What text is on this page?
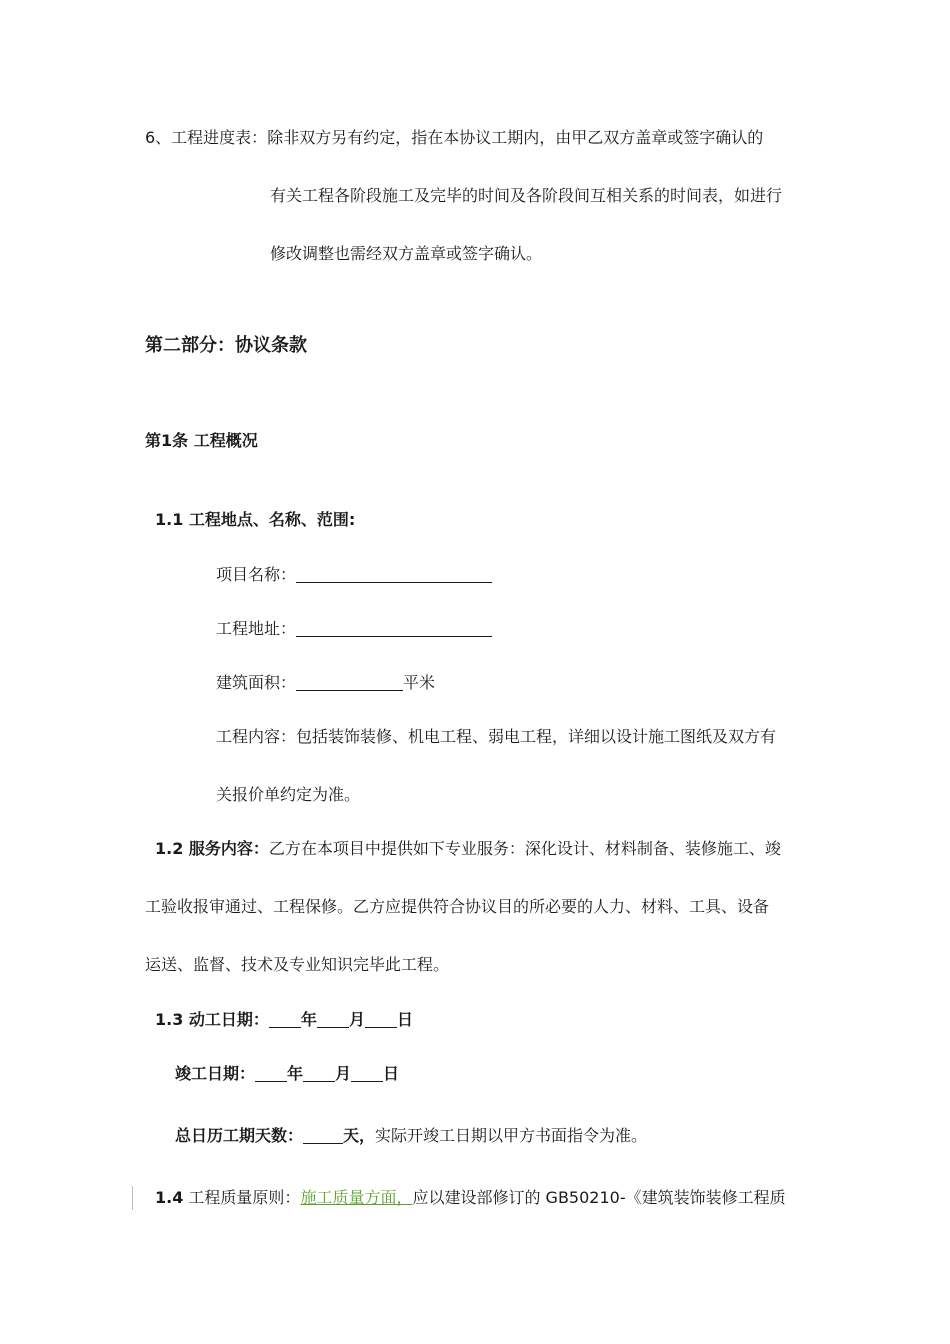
6、工程进度表：除非双方另有约定，指在本协议工期内，由甲乙双方盖章或签字确认的
有关工程各阶段施工及完毕的时间及各阶段间互相关系的时间表，如进行
修改调整也需经双方盖章或签字确认。
第二部分：协议条款
第1条 工程概况
1.1 工程地点、名称、范围:
项目名称：
工程地址：
建筑面积：	平米
工程内容：包括装饰装修、机电工程、弱电工程，详细以设计施工图纸及双方有
关报价单约定为准。
1.2 服务内容：乙方在本项目中提供如下专业服务：深化设计、材料制备、装修施工、竣
工验收报审通过、工程保修。乙方应提供符合协议目的所必要的人力、材料、工具、设备
运送、监督、技术及专业知识完毕此工程。
1.3 动工日期： 年 月 日
竣工日期： 年 月 日
总日历工期天数：	天，实际开竣工日期以甲方书面指令为准。
1.4 工程质量原则：施工质量方面，应以建设部修订的 GB50210-《建筑装饰装修工程质
